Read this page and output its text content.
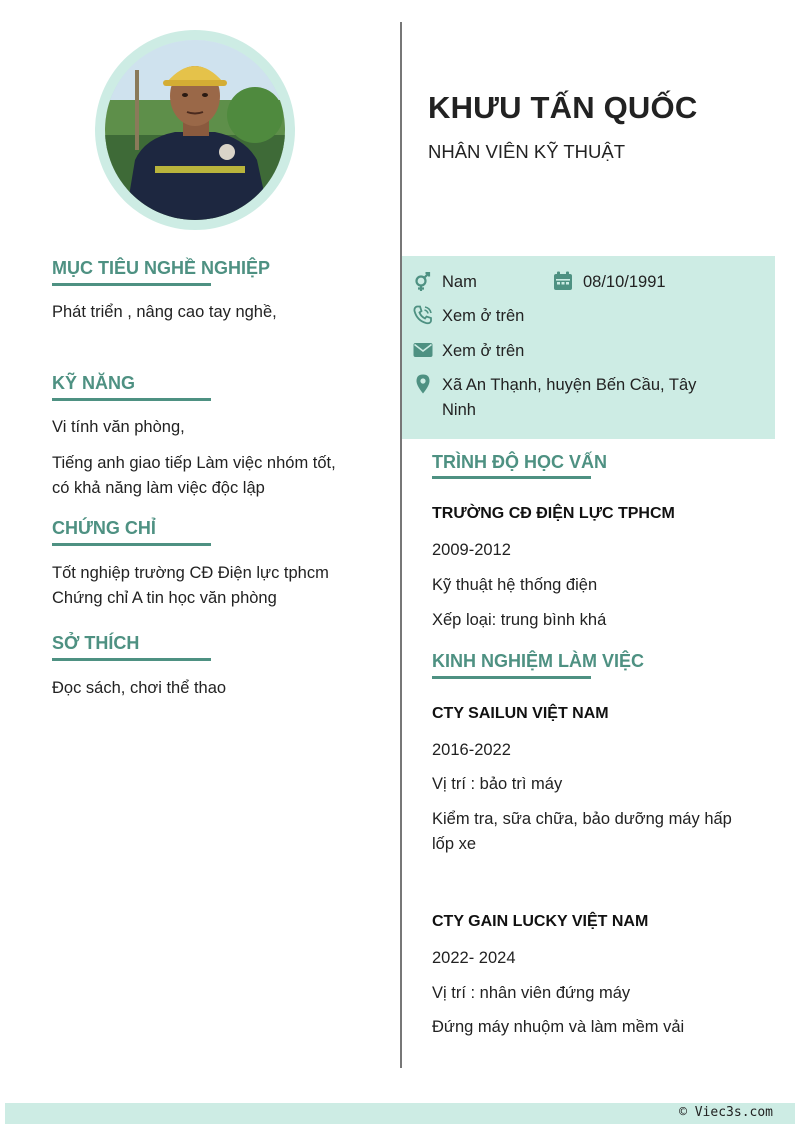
KHƯU TẤN QUỐC

NHÂN VIÊN KỸ THUẬT

MỤC TIÊU NGHỀ NGHIỆP

Phát triển , nâng cao tay nghề,

KỸ NĂNG

Vi tính văn phòng,

Tiếng anh giao tiếp Làm việc nhóm tốt,

có khả năng làm việc độc lập

CHỨNG CHỈ

Tốt nghiệp trường CĐ Điện lực tphcm

Chứng chỉ A tin học văn phòng

SỞ THÍCH

Đọc sách, chơi thể thao

Nam	08/10/1991
Xem ở trên
Xem ở trên
Xã An Thạnh, huyện Bến Cầu, Tây
Ninh
TRÌNH ĐỘ HỌC VẤN

TRƯỜNG CĐ ĐIỆN LỰC TPHCM

2009-2012

Kỹ thuật hệ thống điện

Xếp loại: trung bình khá

KINH NGHIỆM LÀM VIỆC

CTY SAILUN VIỆT NAM

2016-2022

Vị trí : bảo trì máy

Kiểm tra, sữa chữa, bảo dưỡng máy hấp

lốp xe

CTY GAIN LUCKY VIỆT NAM

2022- 2024

Vị trí : nhân viên đứng máy

Đứng máy nhuộm và làm mềm vải

© Viec3s.com
